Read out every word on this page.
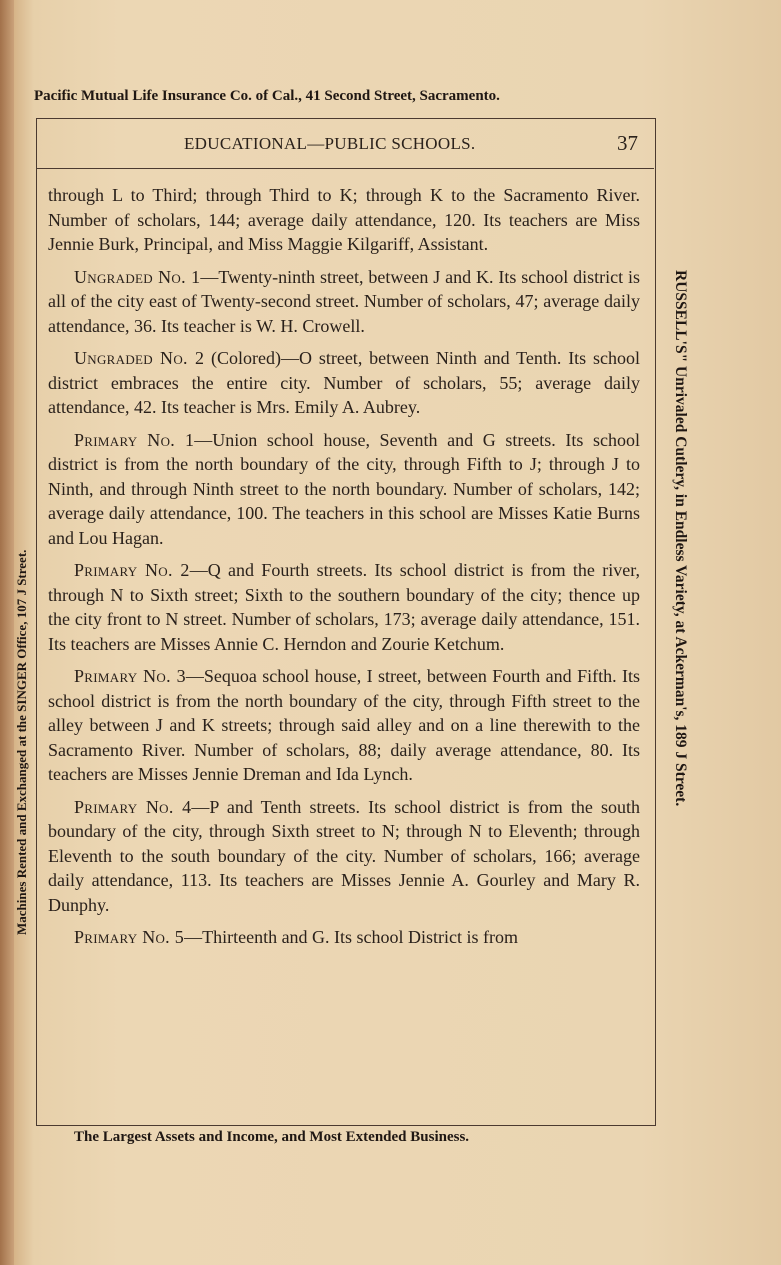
Pacific Mutual Life Insurance Co. of Cal., 41 Second Street, Sacramento.
EDUCATIONAL—PUBLIC SCHOOLS.	37

through L to Third; through Third to K; through K to the Sacramento River. Number of scholars, 144; average daily attendance, 120. Its teachers are Miss Jennie Burk, Principal, and Miss Maggie Kilgariff, Assistant.

Ungraded No. 1—Twenty-ninth street, between J and K. Its school district is all of the city east of Twenty-second street. Number of scholars, 47; average daily attendance, 36. Its teacher is W. H. Crowell.

Ungraded No. 2 (Colored)—O street, between Ninth and Tenth. Its school district embraces the entire city. Number of scholars, 55; average daily attendance, 42. Its teacher is Mrs. Emily A. Aubrey.

Primary No. 1—Union school house, Seventh and G streets. Its school district is from the north boundary of the city, through Fifth to J; through J to Ninth, and through Ninth street to the north boundary. Number of scholars, 142; average daily attendance, 100. The teachers in this school are Misses Katie Burns and Lou Hagan.

Primary No. 2—Q and Fourth streets. Its school district is from the river, through N to Sixth street; Sixth to the southern boundary of the city; thence up the city front to N street. Number of scholars, 173; average daily attendance, 151. Its teachers are Misses Annie C. Herndon and Zourie Ketchum.

Primary No. 3—Sequoa school house, I street, between Fourth and Fifth. Its school district is from the north boundary of the city, through Fifth street to the alley between J and K streets; through said alley and on a line therewith to the Sacramento River. Number of scholars, 88; daily average attendance, 80. Its teachers are Misses Jennie Dreman and Ida Lynch.

Primary No. 4—P and Tenth streets. Its school district is from the south boundary of the city, through Sixth street to N; through N to Eleventh; through Eleventh to the south boundary of the city. Number of scholars, 166; average daily attendance, 113. Its teachers are Misses Jennie A. Gourley and Mary R. Dunphy.

Primary No. 5—Thirteenth and G. Its school District is from

RUSSELL'S" Unrivaled Cutlery, in Endless Variety, at Ackerman's, 189 J Street.
Machines Rented and Exchanged at the SINGER Office, 107 J Street.
The Largest Assets and Income, and Most Extended Business.
